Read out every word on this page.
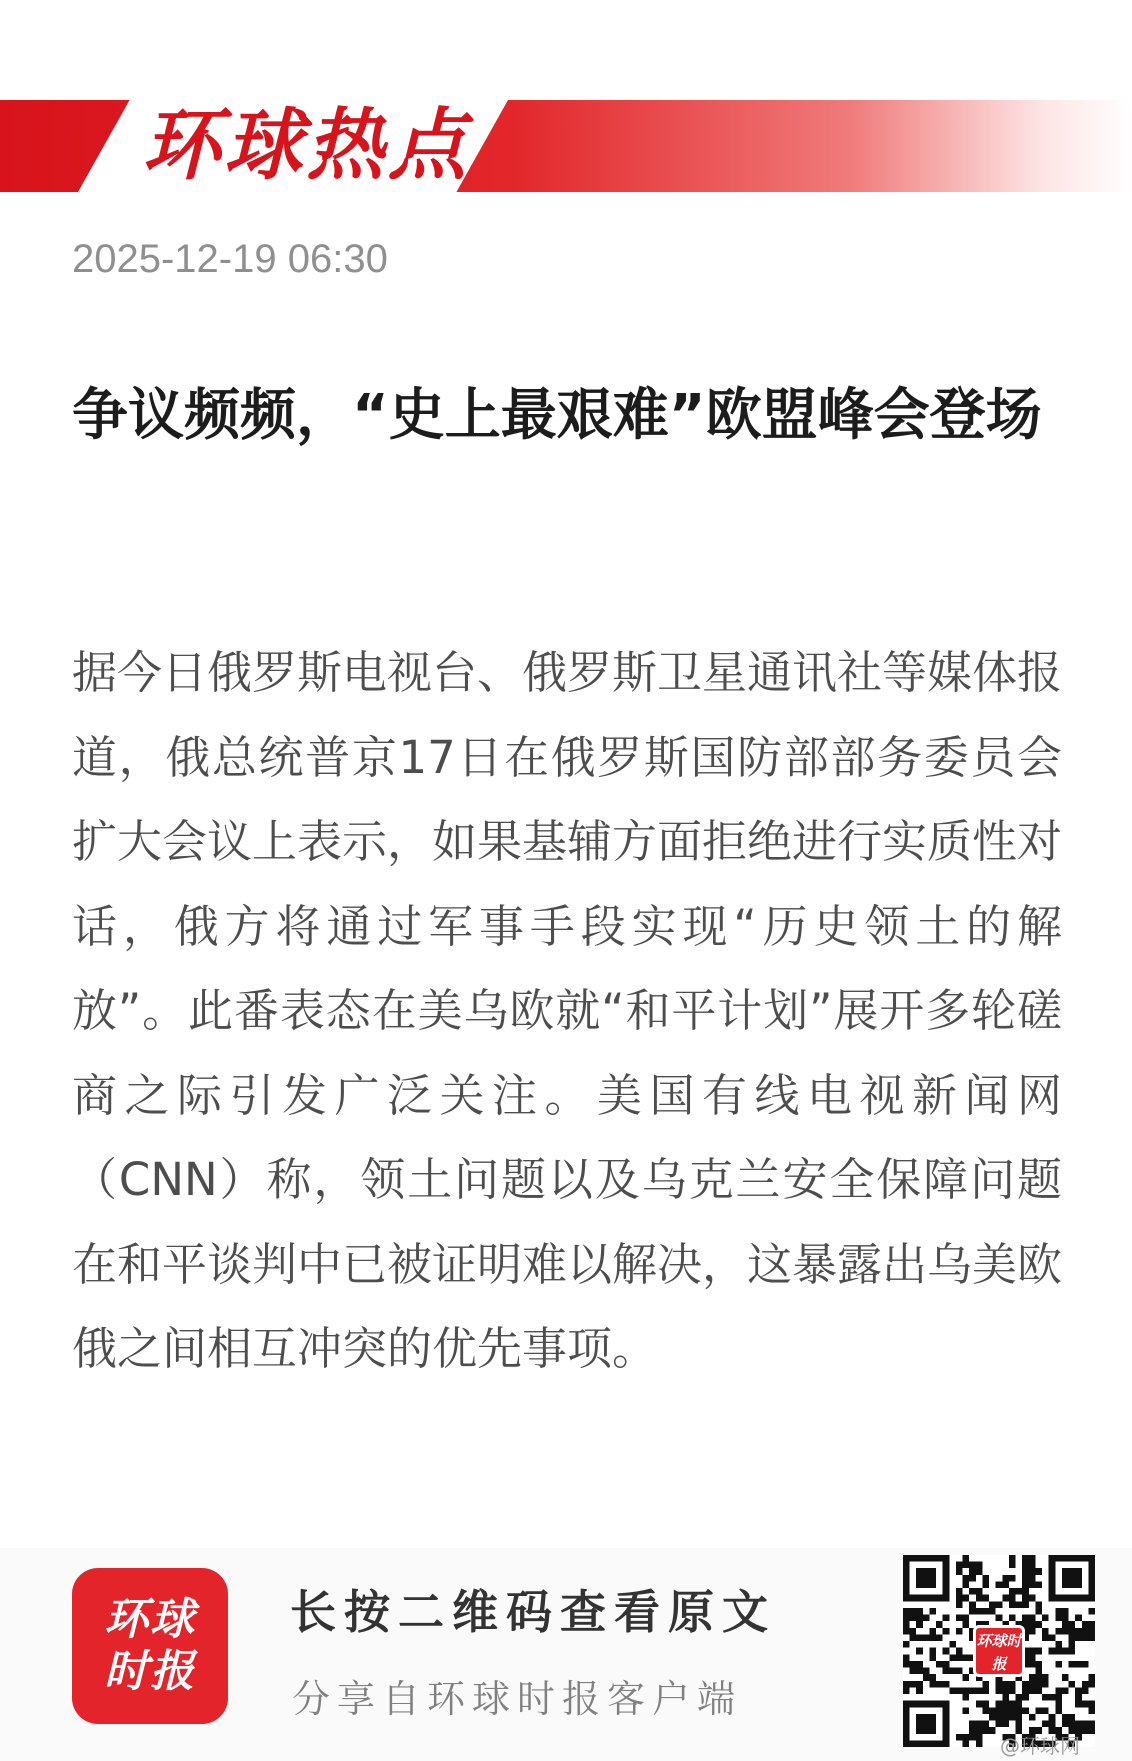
环球热点
2025-12-19 06:30
争议频频，“史上最艰难”欧盟峰会登场
据今日俄罗斯电视台、俄罗斯卫星通讯社等媒体报道，俄总统普京17日在俄罗斯国防部部务委员会扩大会议上表示，如果基辅方面拒绝进行实质性对话，俄方将通过军事手段实现“历史领土的解放”。此番表态在美乌欧就“和平计划”展开多轮磋商之际引发广泛关注。美国有线电视新闻网（CNN）称，领土问题以及乌克兰安全保障问题在和平谈判中已被证明难以解决，这暴露出乌美欧俄之间相互冲突的优先事项。
环球
时报
长按二维码查看原文
分享自环球时报客户端
环球时报
@环球网
